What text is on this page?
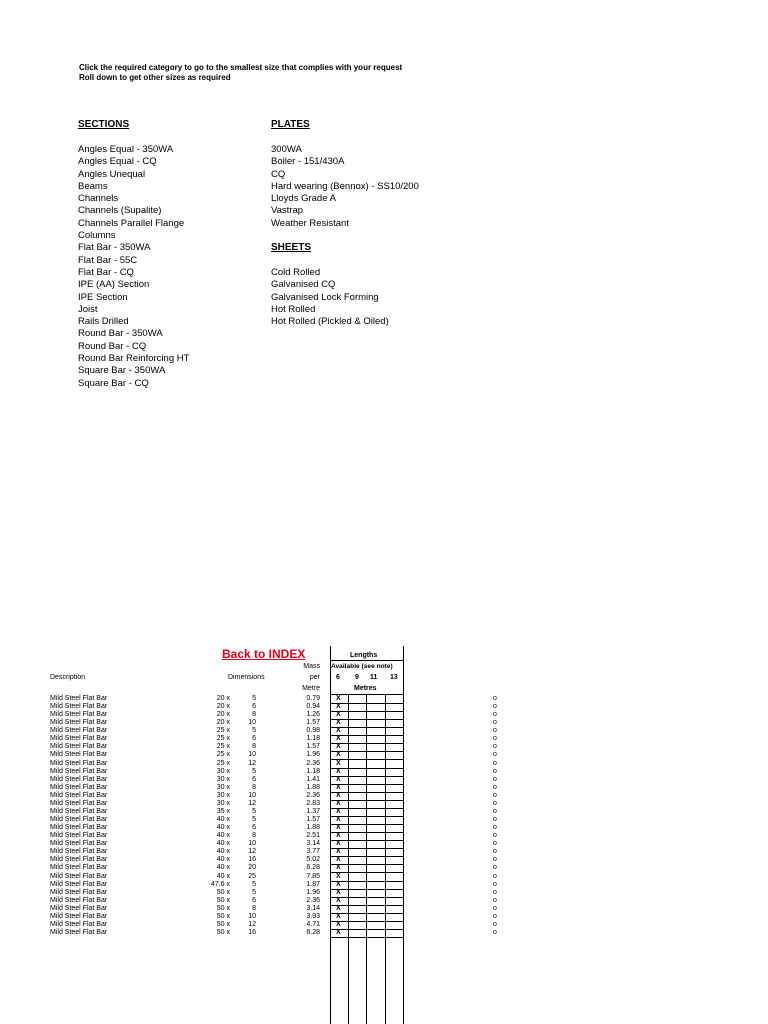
Click the required category to go to the smallest size that complies with your request
Roll down to get other sizes as required
SECTIONS
Angles Equal - 350WA
Angles Equal - CQ
Angles Unequal
Beams
Channels
Channels (Supalite)
Channels Parallel Flange
Columns
Flat Bar - 350WA
Flat Bar - 55C
Flat Bar - CQ
IPE (AA) Section
IPE Section
Joist
Rails Drilled
Round Bar - 350WA
Round Bar - CQ
Round Bar Reinforcing HT
Square Bar - 350WA
Square Bar - CQ
PLATES
300WA
Boiler - 151/430A
CQ
Hard wearing (Bennox) - SS10/200
Lloyds Grade A
Vastrap
Weather Resistant
SHEETS
Cold Rolled
Galvanised CQ
Galvanised Lock Forming
Hot Rolled
Hot Rolled (Pickled & Oiled)
Back to INDEX	Lengths
Available (see note)
6 9 11 13
Metres
Mass
per
Metre
Description	Dimensions
Mild Steel Flat Bar	20 x	5	0.79 X	o
Mild Steel Flat Bar	20 x	6	0.94 X	o
Mild Steel Flat Bar	20 x	8	1.26 X	o
Mild Steel Flat Bar	20 x	10	1.57 X	o
Mild Steel Flat Bar	25 x	5	0.98 X	o
Mild Steel Flat Bar	25 x	6	1.18 X	o
Mild Steel Flat Bar	25 x	8	1.57 X	o
Mild Steel Flat Bar	25 x	10	1.96 X	o
Mild Steel Flat Bar	25 x	12	2.36 X	o
Mild Steel Flat Bar	30 x	5	1.18 X	o
Mild Steel Flat Bar	30 x	6	1.41 X	o
Mild Steel Flat Bar	30 x	8	1.88 X	o
Mild Steel Flat Bar	30 x	10	2.36 X	o
Mild Steel Flat Bar	30 x	12	2.83 X	o
Mild Steel Flat Bar	35 x	5	1.37 X	o
Mild Steel Flat Bar	40 x	5	1.57 X	o
Mild Steel Flat Bar	40 x	6	1.88 X	o
Mild Steel Flat Bar	40 x	8	2.51 X	o
Mild Steel Flat Bar	40 x	10	3.14 X	o
Mild Steel Flat Bar	40 x	12	3.77 X	o
Mild Steel Flat Bar	40 x	16	5.02 X	o
Mild Steel Flat Bar	40 x	20	6.28 X	o
Mild Steel Flat Bar	40 x	25	7.85 X	o
Mild Steel Flat Bar	47.6 x	5	1.87 X	o
Mild Steel Flat Bar	50 x	5	1.96 X	o
Mild Steel Flat Bar	50 x	6	2.36 X	o
Mild Steel Flat Bar	50 x	8	3.14 X	o
Mild Steel Flat Bar	50 x	10	3.93 X	o
Mild Steel Flat Bar	50 x	12	4.71 X	o
Mild Steel Flat Bar	50 x	16	6.28 X	o
